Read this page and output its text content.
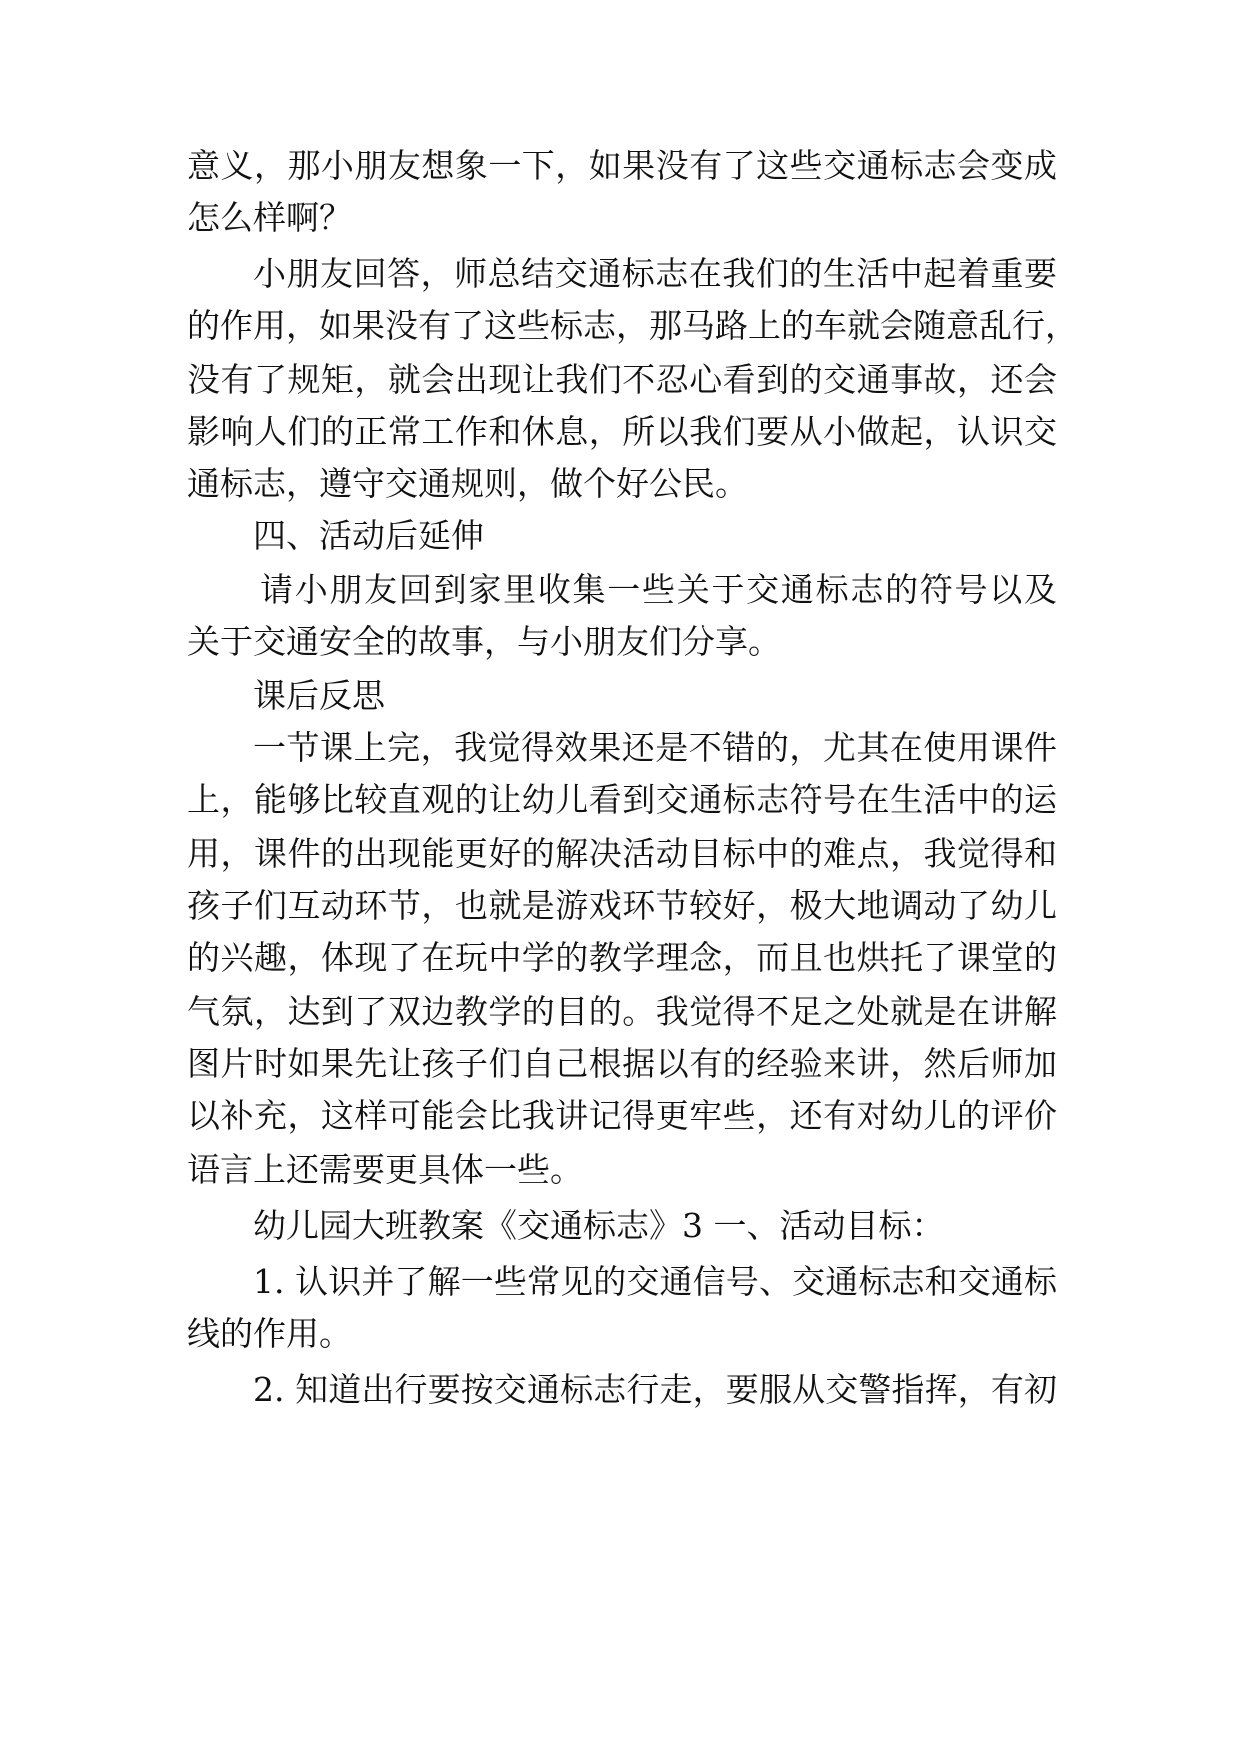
意义，那小朋友想象一下，如果没有了这些交通标志会变成
怎么样啊？
小朋友回答，师总结交通标志在我们的生活中起着重要
的作用，如果没有了这些标志，那马路上的车就会随意乱行，
没有了规矩，就会出现让我们不忍心看到的交通事故，还会
影响人们的正常工作和休息，所以我们要从小做起，认识交
通标志，遵守交通规则，做个好公民。
四、活动后延伸
请小朋友回到家里收集一些关于交通标志的符号以及
关于交通安全的故事，与小朋友们分享。
课后反思
一节课上完，我觉得效果还是不错的，尤其在使用课件
上，能够比较直观的让幼儿看到交通标志符号在生活中的运
用，课件的出现能更好的解决活动目标中的难点，我觉得和
孩子们互动环节，也就是游戏环节较好，极大地调动了幼儿
的兴趣，体现了在玩中学的教学理念，而且也烘托了课堂的
气氛，达到了双边教学的目的。我觉得不足之处就是在讲解
图片时如果先让孩子们自己根据以有的经验来讲，然后师加
以补充，这样可能会比我讲记得更牢些，还有对幼儿的评价
语言上还需要更具体一些。
幼儿园大班教案《交通标志》3 一、活动目标：
1. 认识并了解一些常见的交通信号、交通标志和交通标
线的作用。
2. 知道出行要按交通标志行走，要服从交警指挥，有初
